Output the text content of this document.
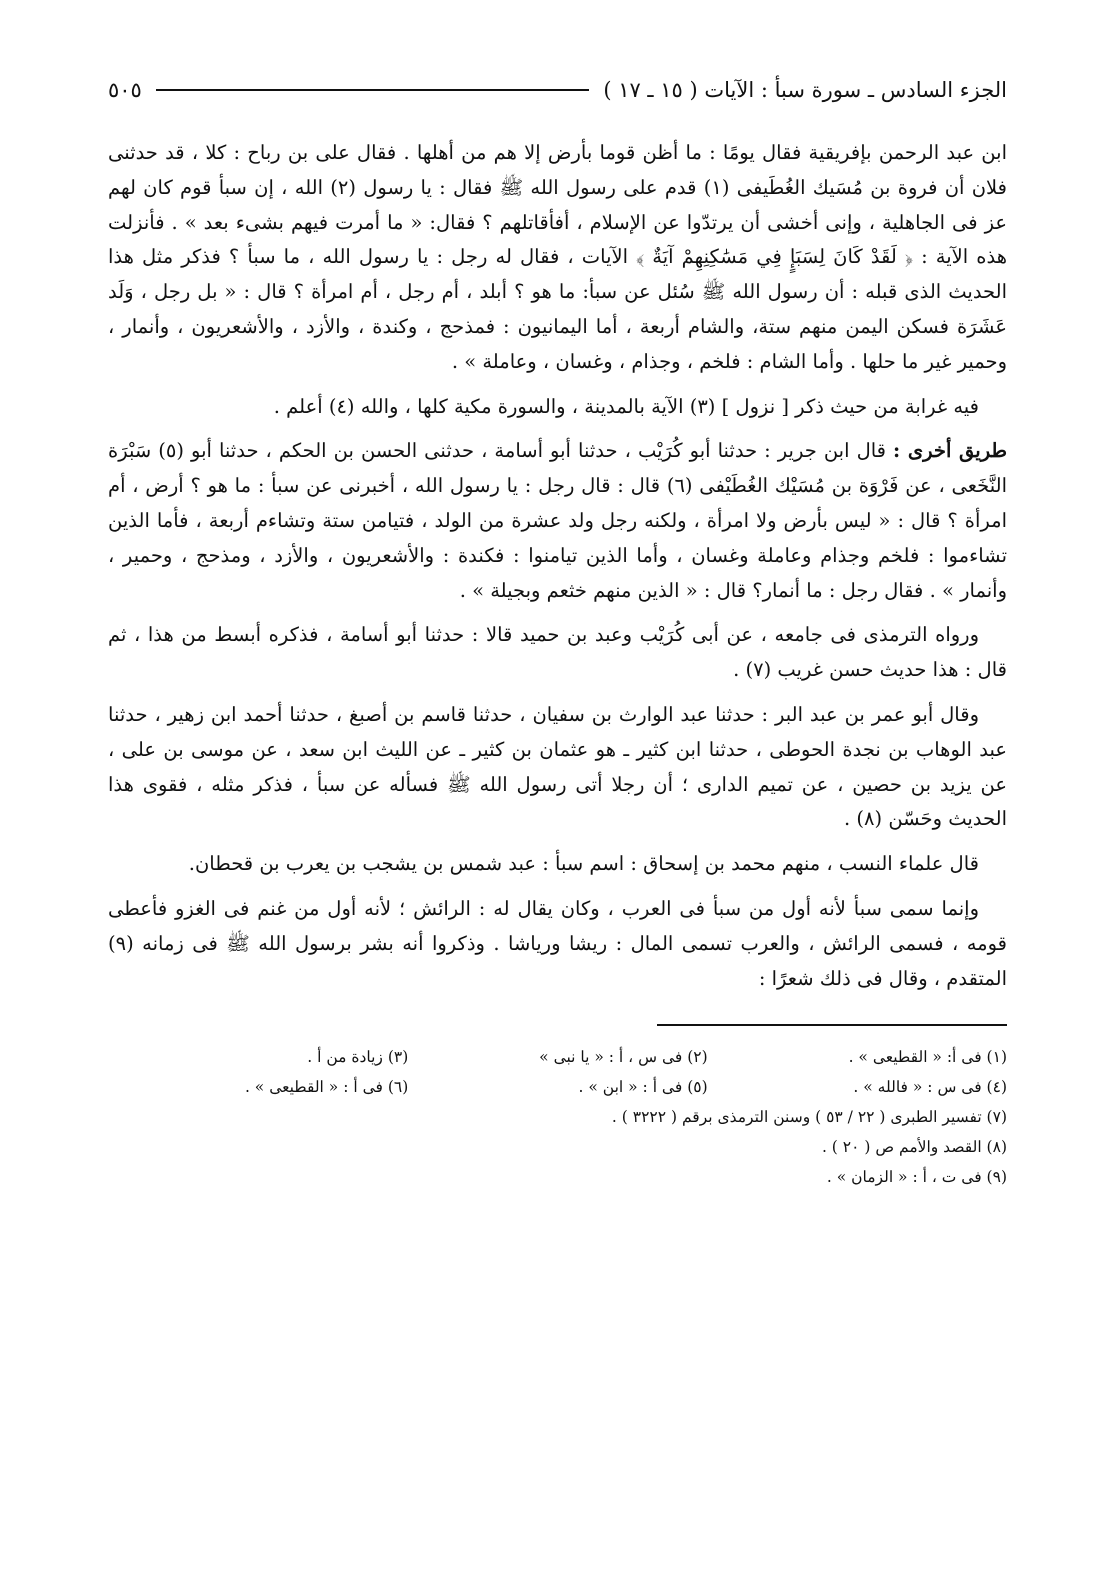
الجزء السادس ـ سورة سبأ : الآيات ( ١٥ ـ ١٧ )
٥٠٥

ابن عبد الرحمن بإفريقية فقال يومًا : ما أظن قوما بأرض إلا هم من أهلها . فقال على بن رباح : كلا ، قد حدثنى فلان أن فروة بن مُسَيك الغُطَيفى (١) قدم على رسول الله ﷺ فقال : يا رسول (٢) الله ، إن سبأ قوم كان لهم عز فى الجاهلية ، وإنى أخشى أن يرتدّوا عن الإسلام ، أفأقاتلهم ؟ فقال: « ما أمرت فيهم بشىء بعد » . فأنزلت هذه الآية : ﴿ لَقَدْ كَانَ لِسَبَإٍ فِي مَسَٰكِنِهِمْ آيَةٌ ﴾ الآيات ، فقال له رجل : يا رسول الله ، ما سبأ ؟ فذكر مثل هذا الحديث الذى قبله : أن رسول الله ﷺ سُئل عن سبأ: ما هو ؟ أبلد ، أم رجل ، أم امرأة ؟ قال : « بل رجل ، وَلَد عَشَرَة فسكن اليمن منهم ستة، والشام أربعة ، أما اليمانيون : فمذحج ، وكندة ، والأزد ، والأشعريون ، وأنمار ، وحمير غير ما حلها . وأما الشام : فلخم ، وجذام ، وغسان ، وعاملة » .

فيه غرابة من حيث ذكر [ نزول ] (٣) الآية بالمدينة ، والسورة مكية كلها ، والله (٤) أعلم .

طريق أخرى : قال ابن جرير : حدثنا أبو كُرَيْب ، حدثنا أبو أسامة ، حدثنى الحسن بن الحكم ، حدثنا أبو (٥) سَبْرَة النَّخَعى ، عن فَرْوَة بن مُسَيْك الغُطَيْفى (٦) قال : قال رجل : يا رسول الله ، أخبرنى عن سبأ : ما هو ؟ أرض ، أم امرأة ؟ قال : « ليس بأرض ولا امرأة ، ولكنه رجل ولد عشرة من الولد ، فتيامن ستة وتشاءم أربعة ، فأما الذين تشاءموا : فلخم وجذام وعاملة وغسان ، وأما الذين تيامنوا : فكندة : والأشعريون ، والأزد ، ومذحج ، وحمير ، وأنمار » . فقال رجل : ما أنمار؟ قال : « الذين منهم خثعم وبجيلة » .

ورواه الترمذى فى جامعه ، عن أبى كُرَيْب وعبد بن حميد قالا : حدثنا أبو أسامة ، فذكره أبسط من هذا ، ثم قال : هذا حديث حسن غريب (٧) .

وقال أبو عمر بن عبد البر : حدثنا عبد الوارث بن سفيان ، حدثنا قاسم بن أصبغ ، حدثنا أحمد ابن زهير ، حدثنا عبد الوهاب بن نجدة الحوطى ، حدثنا ابن كثير ـ هو عثمان بن كثير ـ عن الليث ابن سعد ، عن موسى بن على ، عن يزيد بن حصين ، عن تميم الدارى ؛ أن رجلا أتى رسول الله ﷺ فسأله عن سبأ ، فذكر مثله ، فقوى هذا الحديث وحَسّن (٨) .

قال علماء النسب ، منهم محمد بن إسحاق : اسم سبأ : عبد شمس بن يشجب بن يعرب بن قحطان.

وإنما سمى سبأ لأنه أول من سبأ فى العرب ، وكان يقال له : الرائش ؛ لأنه أول من غنم فى الغزو فأعطى قومه ، فسمى الرائش ، والعرب تسمى المال : ريشا ورياشا . وذكروا أنه بشر برسول الله ﷺ فى زمانه (٩) المتقدم ، وقال فى ذلك شعرًا :

(١) فى أ: « القطيعى » .
(٢) فى س ، أ : « يا نبى »
(٣) زيادة من أ .
(٤) فى س : « فالله » .
(٥) فى أ : « ابن » .
(٦) فى أ : « القطيعى » .
(٧) تفسير الطبرى ( ٢٢ / ٥٣ ) وسنن الترمذى برقم ( ٣٢٢٢ ) .
(٨) القصد والأمم ص ( ٢٠ ) .
(٩) فى ت ، أ : « الزمان » .
